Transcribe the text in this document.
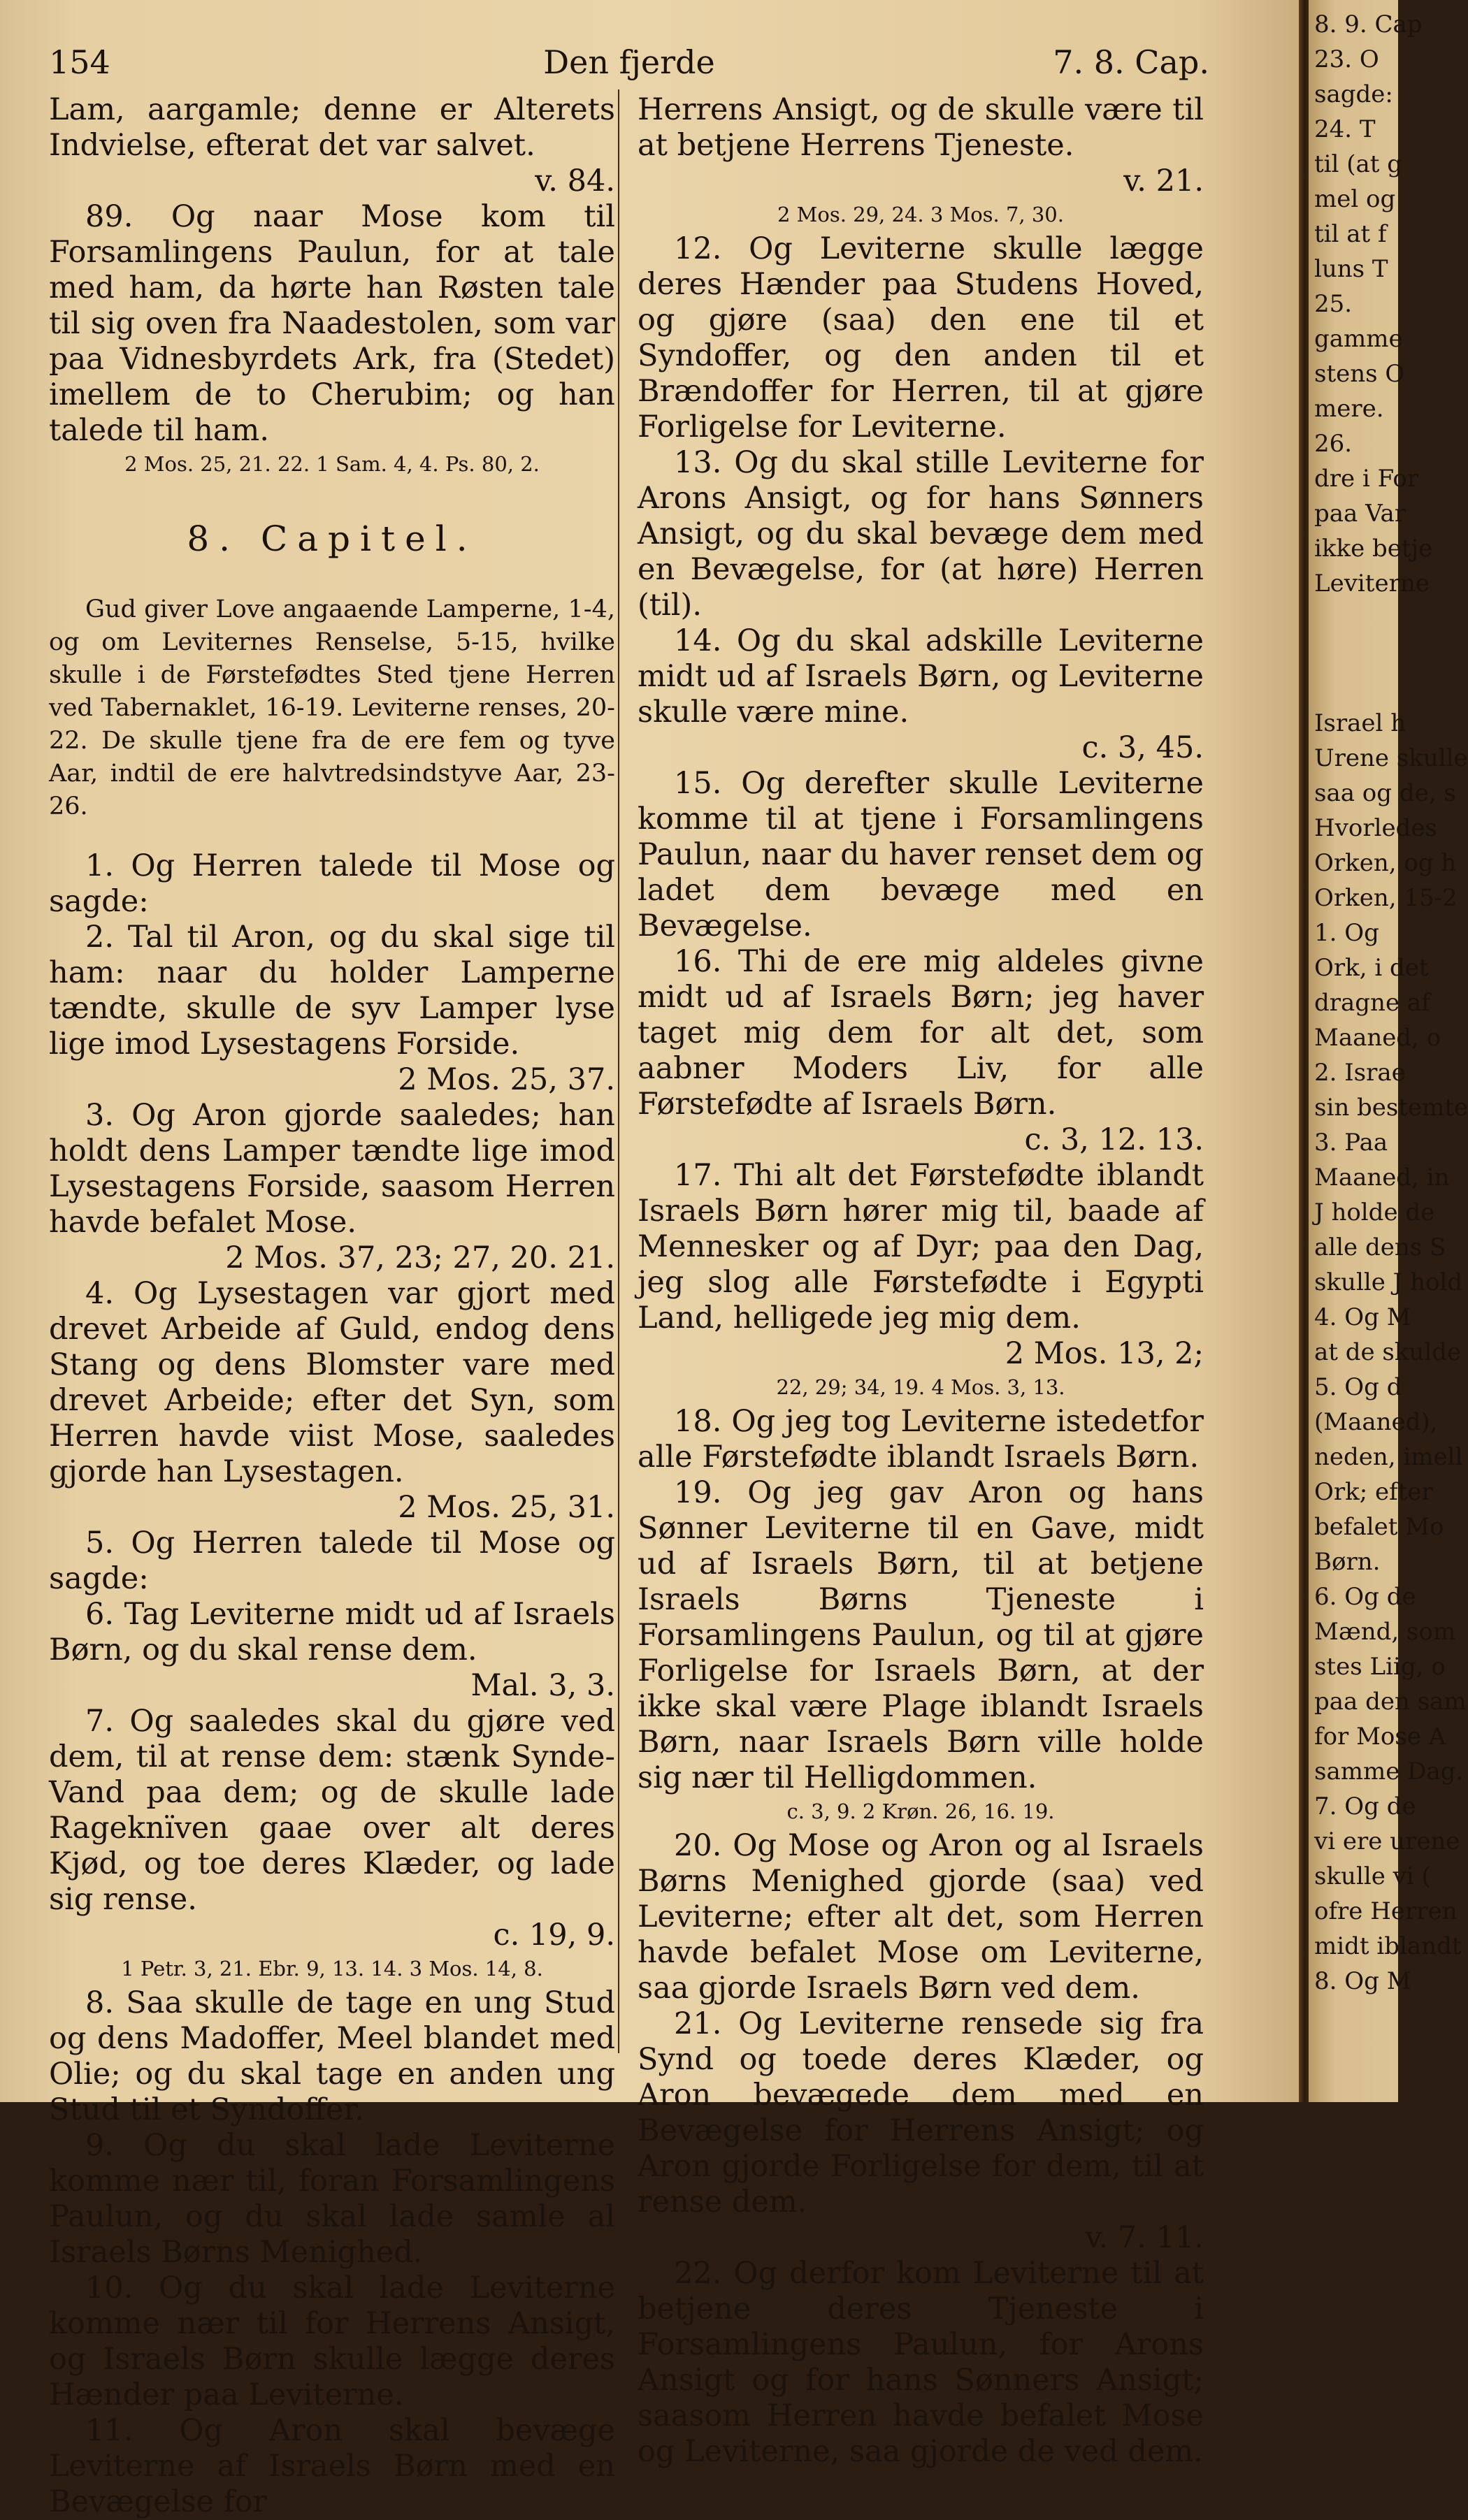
154	Den fjerde	7. 8. Cap.

Lam, aargamle; denne er Alterets Indvielse, efterat det var salvet.
v. 84.

89. Og naar Mose kom til Forsamlingens Paulun, for at tale med ham, da hørte han Røsten tale til sig oven fra Naadestolen, som var paa Vidnesbyrdets Ark, fra (Stedet) imellem de to Cherubim; og han talede til ham.

2 Mos. 25, 21. 22. 1 Sam. 4, 4. Ps. 80, 2.
8. Capitel.

Gud giver Love angaaende Lamperne, 1-4, og om Leviternes Renselse, 5-15, hvilke skulle i de Førstefødtes Sted tjene Herren ved Tabernaklet, 16-19. Leviterne renses, 20-22. De skulle tjene fra de ere fem og tyve Aar, indtil de ere halvtredsindstyve Aar, 23-26.

1. Og Herren talede til Mose og sagde:

2. Tal til Aron, og du skal sige til ham: naar du holder Lamperne tændte, skulle de syv Lamper lyse lige imod Lysestagens Forside.
2 Mos. 25, 37.

3. Og Aron gjorde saaledes; han holdt dens Lamper tændte lige imod Lysestagens Forside, saasom Herren havde befalet Mose.
2 Mos. 37, 23; 27, 20. 21.

4. Og Lysestagen var gjort med drevet Arbeide af Guld, endog dens Stang og dens Blomster vare med drevet Arbeide; efter det Syn, som Herren havde viist Mose, saaledes gjorde han Lysestagen.
2 Mos. 25, 31.

5. Og Herren talede til Mose og sagde:

6. Tag Leviterne midt ud af Israels Børn, og du skal rense dem.
Mal. 3, 3.

7. Og saaledes skal du gjøre ved dem, til at rense dem: stænk Synde-Vand paa dem; og de skulle lade Rageknïven gaae over alt deres Kjød, og toe deres Klæder, og lade sig rense.
c. 19, 9.

1 Petr. 3, 21. Ebr. 9, 13. 14. 3 Mos. 14, 8.

8. Saa skulle de tage en ung Stud og dens Madoffer, Meel blandet med Olie; og du skal tage en anden ung Stud til et Syndoffer.

9. Og du skal lade Leviterne komme nær til, foran Forsamlingens Paulun, og du skal lade samle al Israels Børns Menighed.

10. Og du skal lade Leviterne komme nær til for Herrens Ansigt, og Israels Børn skulle lægge deres Hænder paa Leviterne.

11. Og Aron skal bevæge Leviterne af Israels Børn med en Bevægelse for

Herrens Ansigt, og de skulle være til at betjene Herrens Tjeneste.
v. 21.

2 Mos. 29, 24. 3 Mos. 7, 30.

12. Og Leviterne skulle lægge deres Hænder paa Studens Hoved, og gjøre (saa) den ene til et Syndoffer, og den anden til et Brændoffer for Herren, til at gjøre Forligelse for Leviterne.

13. Og du skal stille Leviterne for Arons Ansigt, og for hans Sønners Ansigt, og du skal bevæge dem med en Bevægelse, for (at høre) Herren (til).

14. Og du skal adskille Leviterne midt ud af Israels Børn, og Leviterne skulle være mine.
c. 3, 45.

15. Og derefter skulle Leviterne komme til at tjene i Forsamlingens Paulun, naar du haver renset dem og ladet dem bevæge med en Bevægelse.

16. Thi de ere mig aldeles givne midt ud af Israels Børn; jeg haver taget mig dem for alt det, som aabner Moders Liv, for alle Førstefødte af Israels Børn.
c. 3, 12. 13.

17. Thi alt det Førstefødte iblandt Israels Børn hører mig til, baade af Mennesker og af Dyr; paa den Dag, jeg slog alle Førstefødte i Egypti Land, helligede jeg mig dem.
2 Mos. 13, 2;

22, 29; 34, 19. 4 Mos. 3, 13.

18. Og jeg tog Leviterne istedetfor alle Førstefødte iblandt Israels Børn.

19. Og jeg gav Aron og hans Sønner Leviterne til en Gave, midt ud af Israels Børn, til at betjene Israels Børns Tjeneste i Forsamlingens Paulun, og til at gjøre Forligelse for Israels Børn, at der ikke skal være Plage iblandt Israels Børn, naar Israels Børn ville holde sig nær til Helligdommen.

c. 3, 9. 2 Krøn. 26, 16. 19.

20. Og Mose og Aron og al Israels Børns Menighed gjorde (saa) ved Leviterne; efter alt det, som Herren havde befalet Mose om Leviterne, saa gjorde Israels Børn ved dem.

21. Og Leviterne rensede sig fra Synd og toede deres Klæder, og Aron bevægede dem med en Bevægelse for Herrens Ansigt; og Aron gjorde Forligelse for dem, til at rense dem.
v. 7. 11.

22. Og derfor kom Leviterne til at betjene deres Tjeneste i Forsamlingens Paulun, for Arons Ansigt og for hans Sønners Ansigt; saasom Herren havde befalet Mose og Leviterne, saa gjorde de ved dem.

8. 9. Cap
23. O
sagde:
24. T
til (at g
mel og
til at f
luns T
25.
gamme
stens O
mere.
26.
dre i For
paa Var
ikke betje
Leviterne
Israel h
Urene skulle
saa og de, s
Hvorledes
Orken, og h
Orken, 15-2
1. Og
Ork, i det
dragne af
Maaned, o
2. Israe
sin bestemte
3. Paa
Maaned, in
J holde de
alle dens S
skulle J hold
4. Og M
at de skulde
5. Og d
(Maaned),
neden, imell
Ork; efter
befalet Mo
Børn.
6. Og de
Mænd, som
stes Liig, o
paa den sam
for Mose A
samme Dag.
7. Og de
vi ere urene
skulle vi (
ofre Herren
midt iblandt
8. Og M
